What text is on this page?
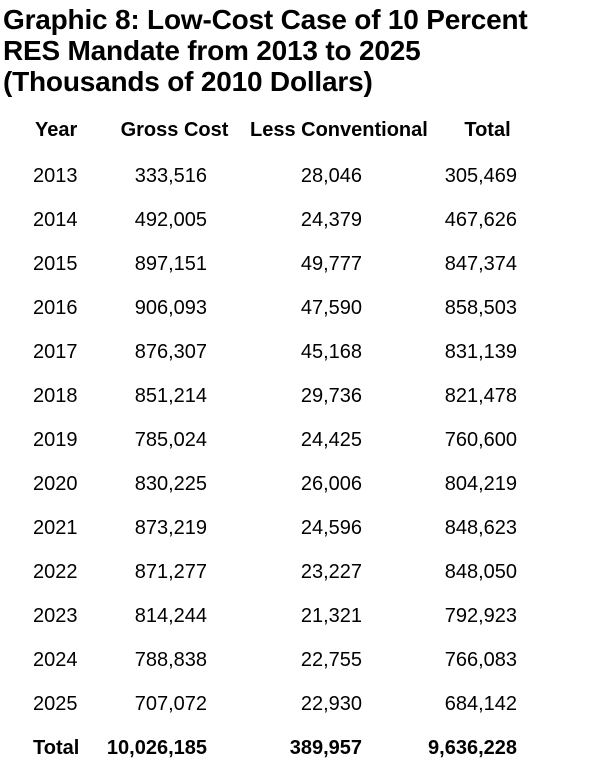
Graphic 8: Low-Cost Case of 10 Percent
RES Mandate from 2013 to 2025
(Thousands of 2010 Dollars)
Year	Gross Cost	Less Conventional	Total
2013	333,516	28,046	305,469
2014	492,005	24,379	467,626
2015	897,151	49,777	847,374
2016	906,093	47,590	858,503
2017	876,307	45,168	831,139
2018	851,214	29,736	821,478
2019	785,024	24,425	760,600
2020	830,225	26,006	804,219
2021	873,219	24,596	848,623
2022	871,277	23,227	848,050
2023	814,244	21,321	792,923
2024	788,838	22,755	766,083
2025	707,072	22,930	684,142
Total	10,026,185	389,957	9,636,228
